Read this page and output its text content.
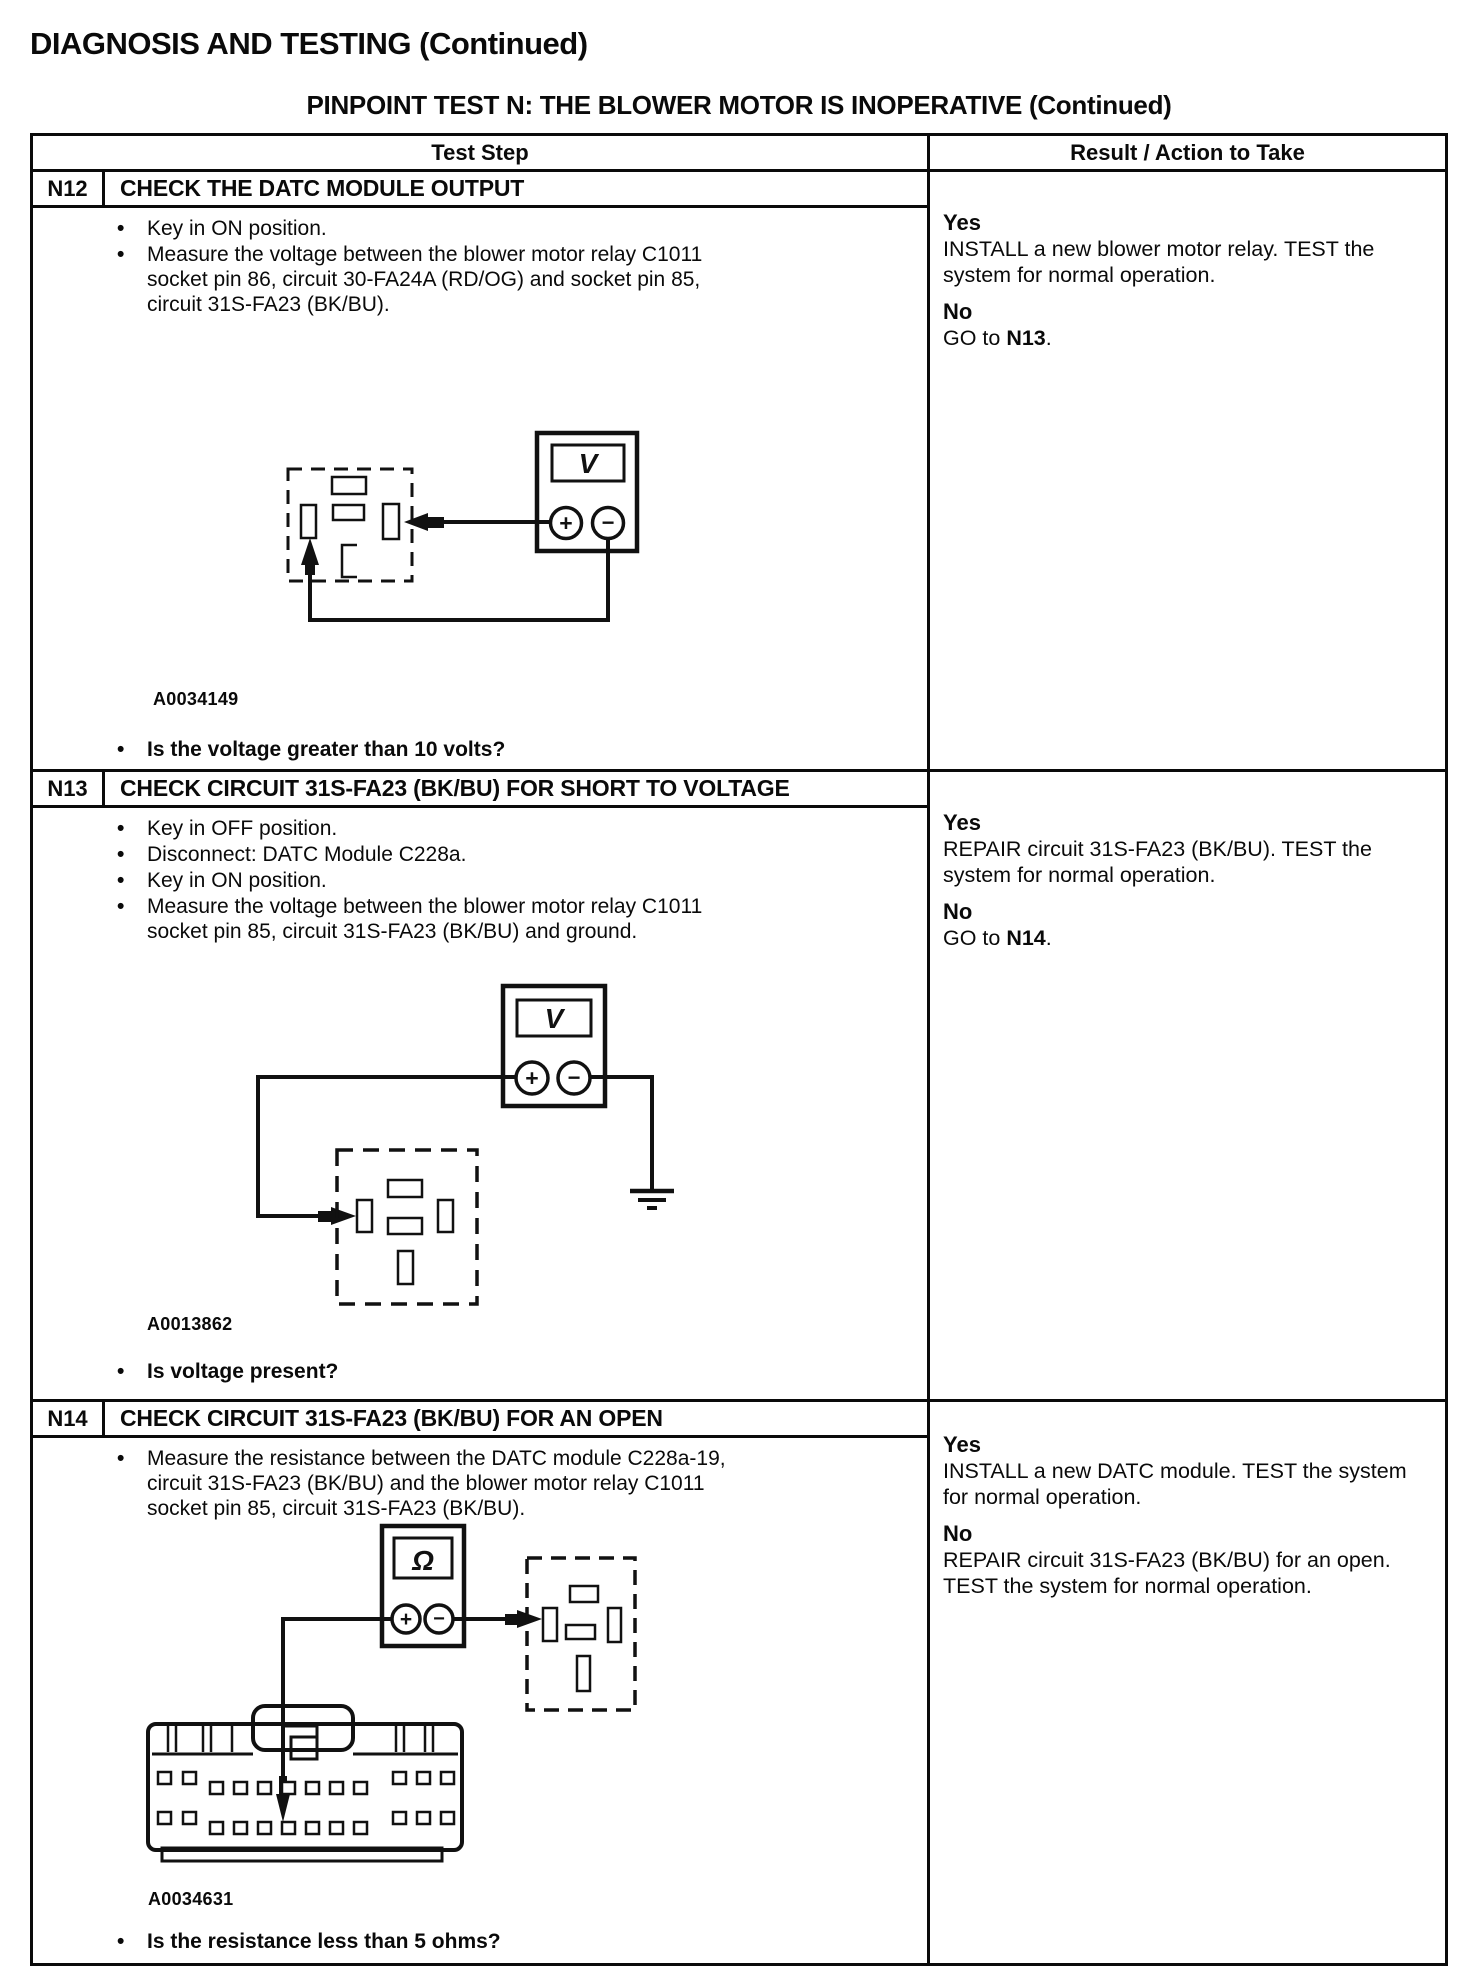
DIAGNOSIS AND TESTING (Continued)
PINPOINT TEST N: THE BLOWER MOTOR IS INOPERATIVE (Continued)
Test Step	Result / Action to Take
N12	CHECK THE DATC MODULE OUTPUT
• Key in ON position.
• Measure the voltage between the blower motor relay C1011 socket pin 86, circuit 30-FA24A (RD/OG) and socket pin 85, circuit 31S-FA23 (BK/BU).
V
+ −
A0034149
• Is the voltage greater than 10 volts?
Yes

INSTALL a new blower motor relay. TEST the system for normal operation.

No

GO to N13.

N13	CHECK CIRCUIT 31S-FA23 (BK/BU) FOR SHORT TO VOLTAGE
• Key in OFF position.
• Disconnect: DATC Module C228a.
• Key in ON position.
• Measure the voltage between the blower motor relay C1011 socket pin 85, circuit 31S-FA23 (BK/BU) and ground.
V
+ −
A0013862
• Is voltage present?
Yes

REPAIR circuit 31S-FA23 (BK/BU). TEST the system for normal operation.

No

GO to N14.

N14	CHECK CIRCUIT 31S-FA23 (BK/BU) FOR AN OPEN
• Measure the resistance between the DATC module C228a-19, circuit 31S-FA23 (BK/BU) and the blower motor relay C1011 socket pin 85, circuit 31S-FA23 (BK/BU).
Ω
+ −
A0034631
• Is the resistance less than 5 ohms?
Yes

INSTALL a new DATC module. TEST the system for normal operation.

No

REPAIR circuit 31S-FA23 (BK/BU) for an open. TEST the system for normal operation.
